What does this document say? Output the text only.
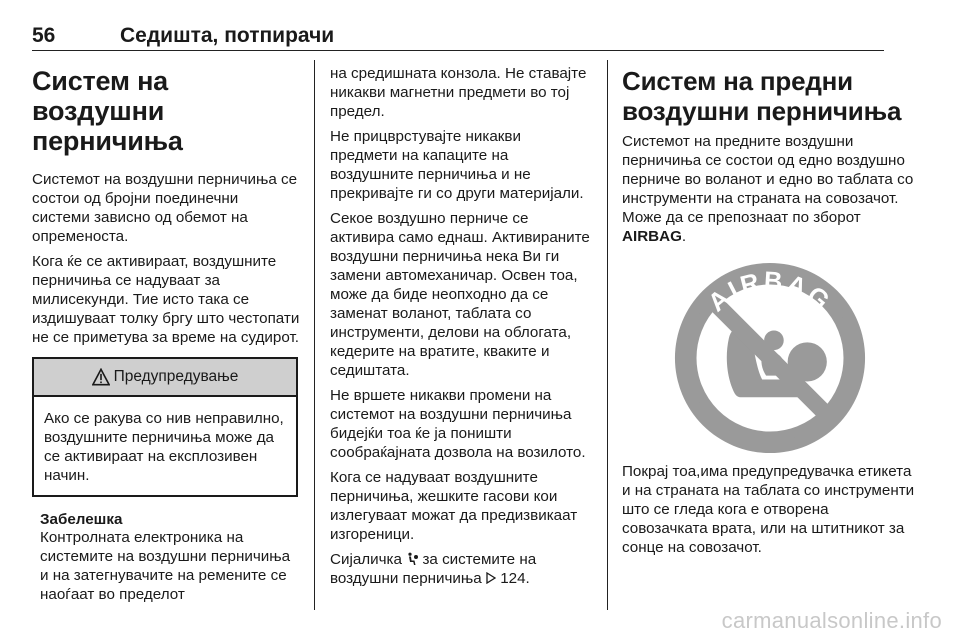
56	Седишта, потпирачи
Систем на воздушни
перничиња

Системот на воздушни перничиња се состои од бројни поединечни системи зависно од обемот на опременоста.

Кога ќе се активираат, воздушните перничиња се надуваат за милисекунди. Тие исто така се издишуваат толку бргу што честопати не се приметува за време на судирот.

Предупредување
Ако се ракува со нив неправилно, воздушните перничиња може да се активираат на експлозивен начин.
Забелешка
Контролната електроника на системите на воздушни перничиња и на затегнувачите на ремените се наоѓаат во пределот

на средишната конзола. Не ставајте никакви магнетни предмети во тој предел.

Не прицврстувајте никакви предмети на капаците на воздушните перничиња и не прекривајте ги со други материјали.

Секое воздушно перниче се активира само еднаш. Активираните воздушни перничиња нека Ви ги замени автомеханичар. Освен тоа, може да биде неопходно да се заменат воланот, таблата со инструменти, делови на облогата, кедерите на вратите, кваките и седиштата.

Не вршете никакви промени на системот на воздушни перничиња бидејќи тоа ќе ја поништи сообраќајната дозвола на возилото.

Кога се надуваат воздушните перничиња, жешките гасови кои излегуваат можат да предизвикаат изгореници.

Сијаличка за системите на воздушни перничиња 124.

Систем на предни
воздушни перничиња

Системот на предните воздушни перничиња се состои од едно воздушно перниче во воланот и едно во таблата со инструменти на страната на совозачот. Може да се препознаат по зборот AIRBAG.

AIRBAG

Покрај тоа,има предупредувачка етикета и на страната на таблата со инструменти што се гледа кога е отворена совозачката врата, или на штитникот за сонце на совозачот.

carmanualsonline.info
